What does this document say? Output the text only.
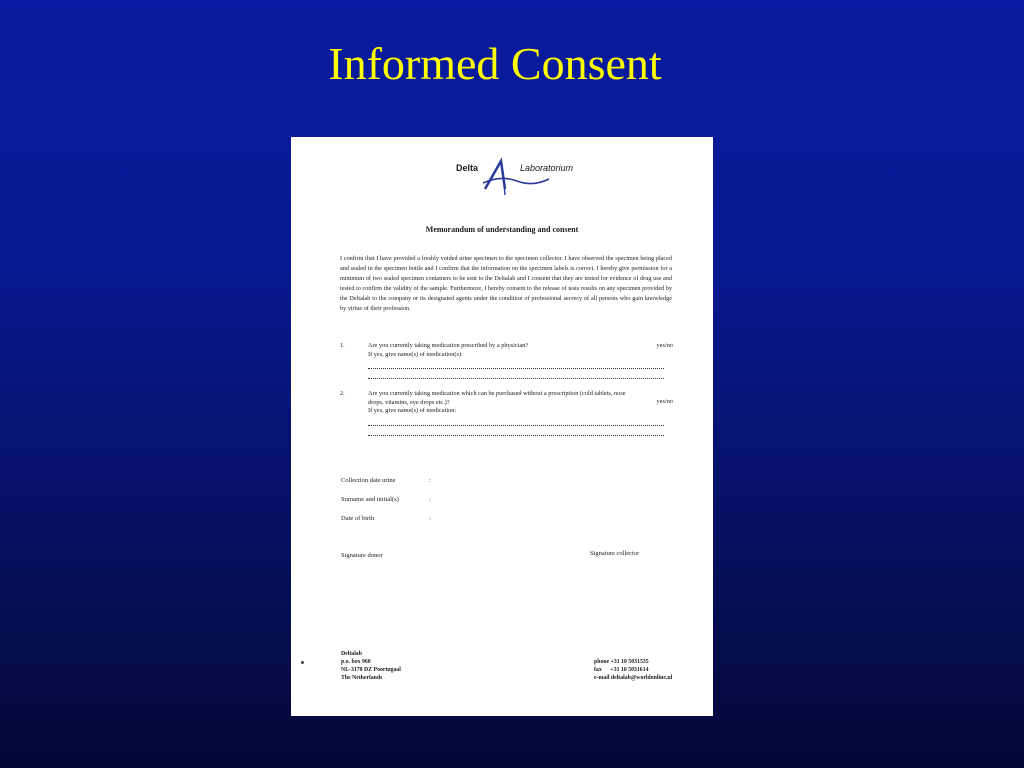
Informed Consent
Delta	Laboratorium
Memorandum of understanding and consent

I confirm that I have provided a freshly voided urine specimen to the specimen collector. I have observed the specimen being placed and sealed in the specimen bottle and I confirm that the information on the specimen labels is correct. I hereby give permission for a minimum of two sealed specimen containers to be sent to the Deltalab and I consent that they are tested for evidence of drug use and tested to confirm the validity of the sample. Furthermore, I hereby consent to the release of tests results on any specimen provided by the Deltalab to the company or its designated agents under the condition of professional secrecy of all persons who gain knowledge by virtue of their profession.

1.	Are you currently taking medication prescribed by a physician?
If yes, give name(s) of medication(s):
yes/no
2.	Are you currently taking medication which can be purchased without a prescription (cold tablets, nose drops, vitamins, eye drops etc.)?
If yes, give name(s) of medication:
yes/no
Collection date urine	:
Surname and initial(s)	:
Date of birth	:
Signature donor	Signature collector
Deltalab
p.o. box 960
NL-3170 DZ Poortugaal
The Netherlands
phone +31 10 5031535
fax      +31 10 5031614
e-mail deltalab@worldonline.nl
